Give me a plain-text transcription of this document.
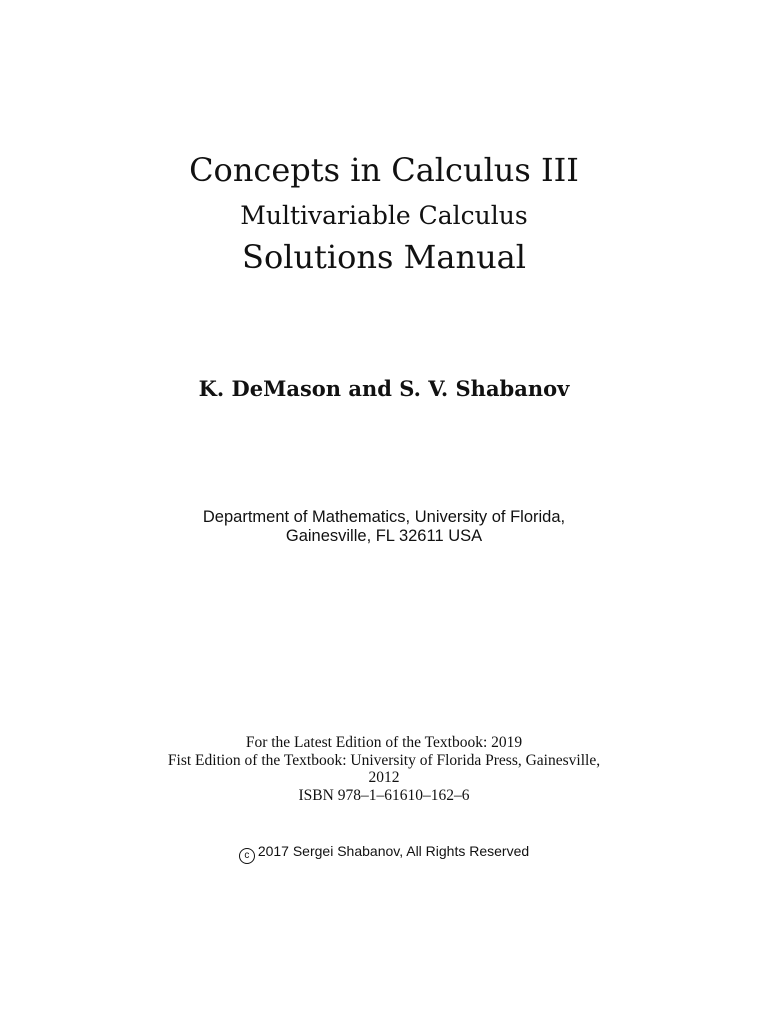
Concepts in Calculus III
Multivariable Calculus
Solutions Manual
K. DeMason and S. V. Shabanov
Department of Mathematics, University of Florida,
Gainesville, FL 32611 USA
For the Latest Edition of the Textbook: 2019
Fist Edition of the Textbook: University of Florida Press, Gainesville,
2012
ISBN 978–1–61610–162–6
c 2017 Sergei Shabanov, All Rights Reserved
